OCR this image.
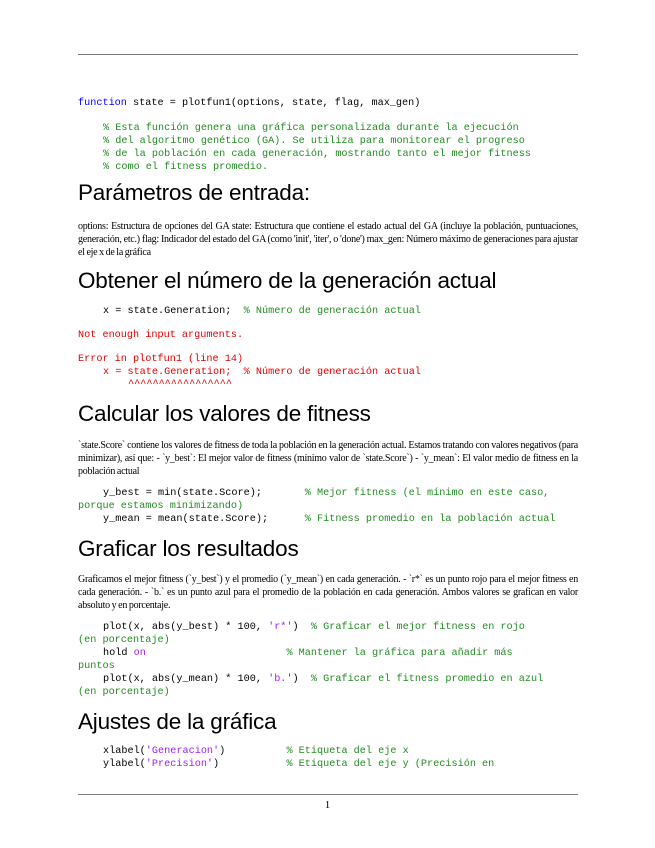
function state = plotfun1(options, state, flag, max_gen)
% Esta función genera una gráfica personalizada durante la ejecución
% del algoritmo genético (GA). Se utiliza para monitorear el progreso
% de la población en cada generación, mostrando tanto el mejor fitness
% como el fitness promedio.
Parámetros de entrada:

options: Estructura de opciones del GA state: Estructura que contiene el estado actual del GA (incluye la población, puntuaciones, generación, etc.) flag: Indicador del estado del GA (como 'init', 'iter', o 'done') max_gen: Número máximo de generaciones para ajustar el eje x de la gráfica

Obtener el número de la generación actual
x = state.Generation; % Número de generación actual
Not enough input arguments.
Error in plotfun1 (line 14)
x = state.Generation; % Número de generación actual
^^^^^^^^^^^^^^^^^
Calcular los valores de fitness

`state.Score` contiene los valores de fitness de toda la población en la generación actual. Estamos tratando con valores negativos (para minimizar), así que: - `y_best`: El mejor valor de fitness (mínimo valor de `state.Score`) - `y_mean`: El valor medio de fitness en la población actual

y_best = min(state.Score);	% Mejor fitness (el mínimo en este caso,
porque estamos minimizando)
y_mean = mean(state.Score);	% Fitness promedio en la población actual
Graficar los resultados

Graficamos el mejor fitness (`y_best`) y el promedio (`y_mean`) en cada generación. - `r*` es un punto rojo para el mejor fitness en cada generación. - `b.` es un punto azul para el promedio de la población en cada generación. Ambos valores se grafican en valor absoluto y en porcentaje.

plot(x, abs(y_best) * 100, 'r*') % Graficar el mejor fitness en rojo
(en porcentaje)
hold on	% Mantener la gráfica para añadir más
puntos
plot(x, abs(y_mean) * 100, 'b.') % Graficar el fitness promedio en azul
(en porcentaje)
Ajustes de la gráfica
xlabel('Generacion')	% Etiqueta del eje x
ylabel('Precision')	% Etiqueta del eje y (Precisión en
1
